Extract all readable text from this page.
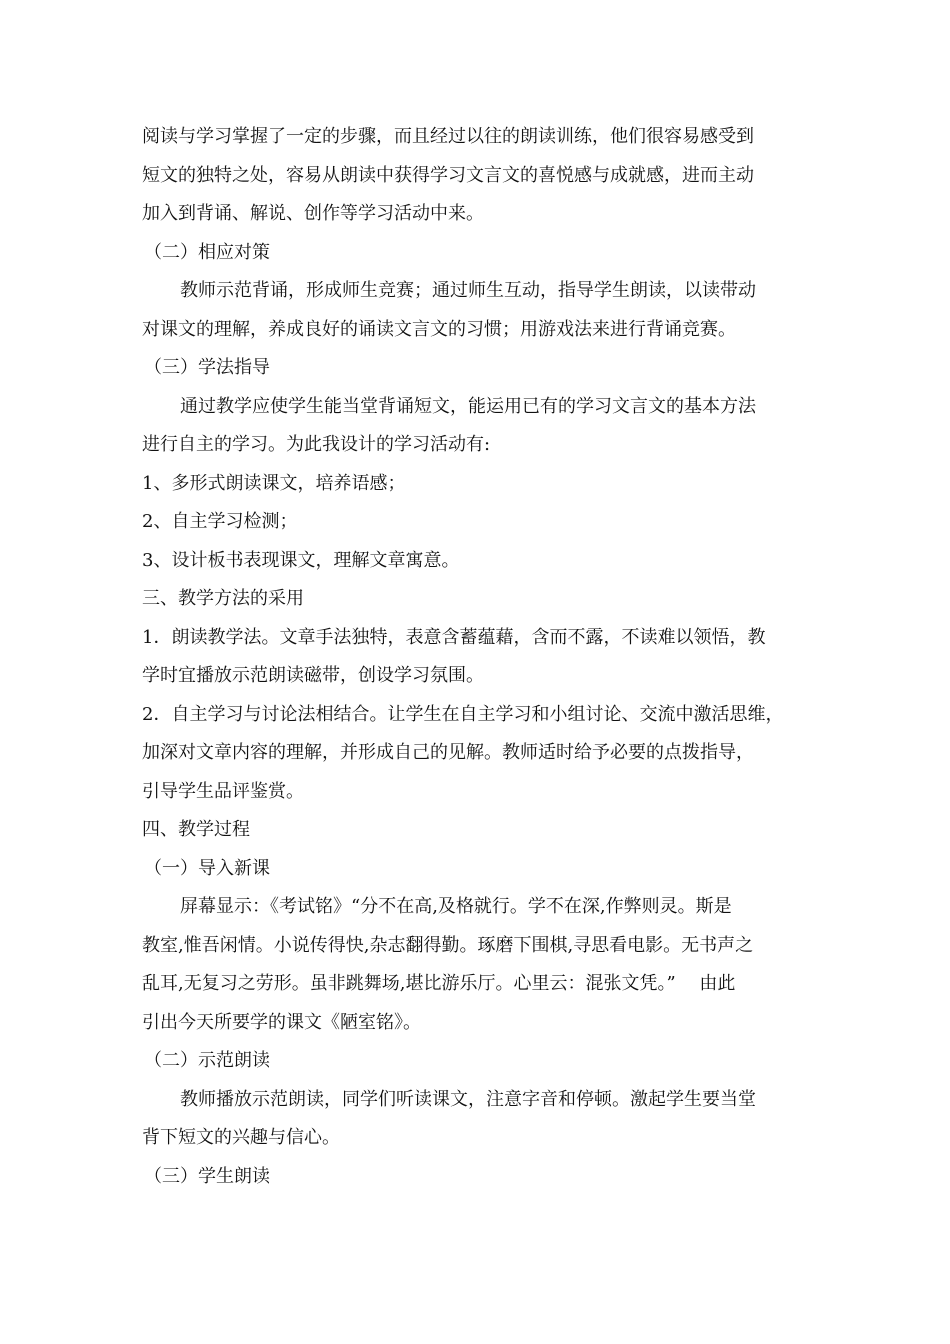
阅读与学习掌握了一定的步骤，而且经过以往的朗读训练，他们很容易感受到
短文的独特之处，容易从朗读中获得学习文言文的喜悦感与成就感，进而主动
加入到背诵、解说、创作等学习活动中来。
（二）相应对策
教师示范背诵，形成师生竞赛；通过师生互动，指导学生朗读，以读带动
对课文的理解，养成良好的诵读文言文的习惯；用游戏法来进行背诵竞赛。
（三）学法指导
通过教学应使学生能当堂背诵短文，能运用已有的学习文言文的基本方法
进行自主的学习。为此我设计的学习活动有:
1、多形式朗读课文，培养语感；
2、自主学习检测；
3、设计板书表现课文，理解文章寓意。
三、教学方法的采用
1．朗读教学法。文章手法独特，表意含蓄蕴藉，含而不露，不读难以领悟，教
学时宜播放示范朗读磁带，创设学习氛围。
2．自主学习与讨论法相结合。让学生在自主学习和小组讨论、交流中激活思维，
加深对文章内容的理解，并形成自己的见解。教师适时给予必要的点拨指导，
引导学生品评鉴赏。
四、教学过程
（一）导入新课
屏幕显示：《考试铭》“分不在高,及格就行。学不在深,作弊则灵。斯是
教室,惟吾闲情。小说传得快,杂志翻得勤。琢磨下围棋,寻思看电影。无书声之
乱耳,无复习之劳形。虽非跳舞场,堪比游乐厅。心里云：混张文凭。”　 由此
引出今天所要学的课文《陋室铭》。
（二）示范朗读
教师播放示范朗读，同学们听读课文，注意字音和停顿。激起学生要当堂
背下短文的兴趣与信心。
（三）学生朗读
